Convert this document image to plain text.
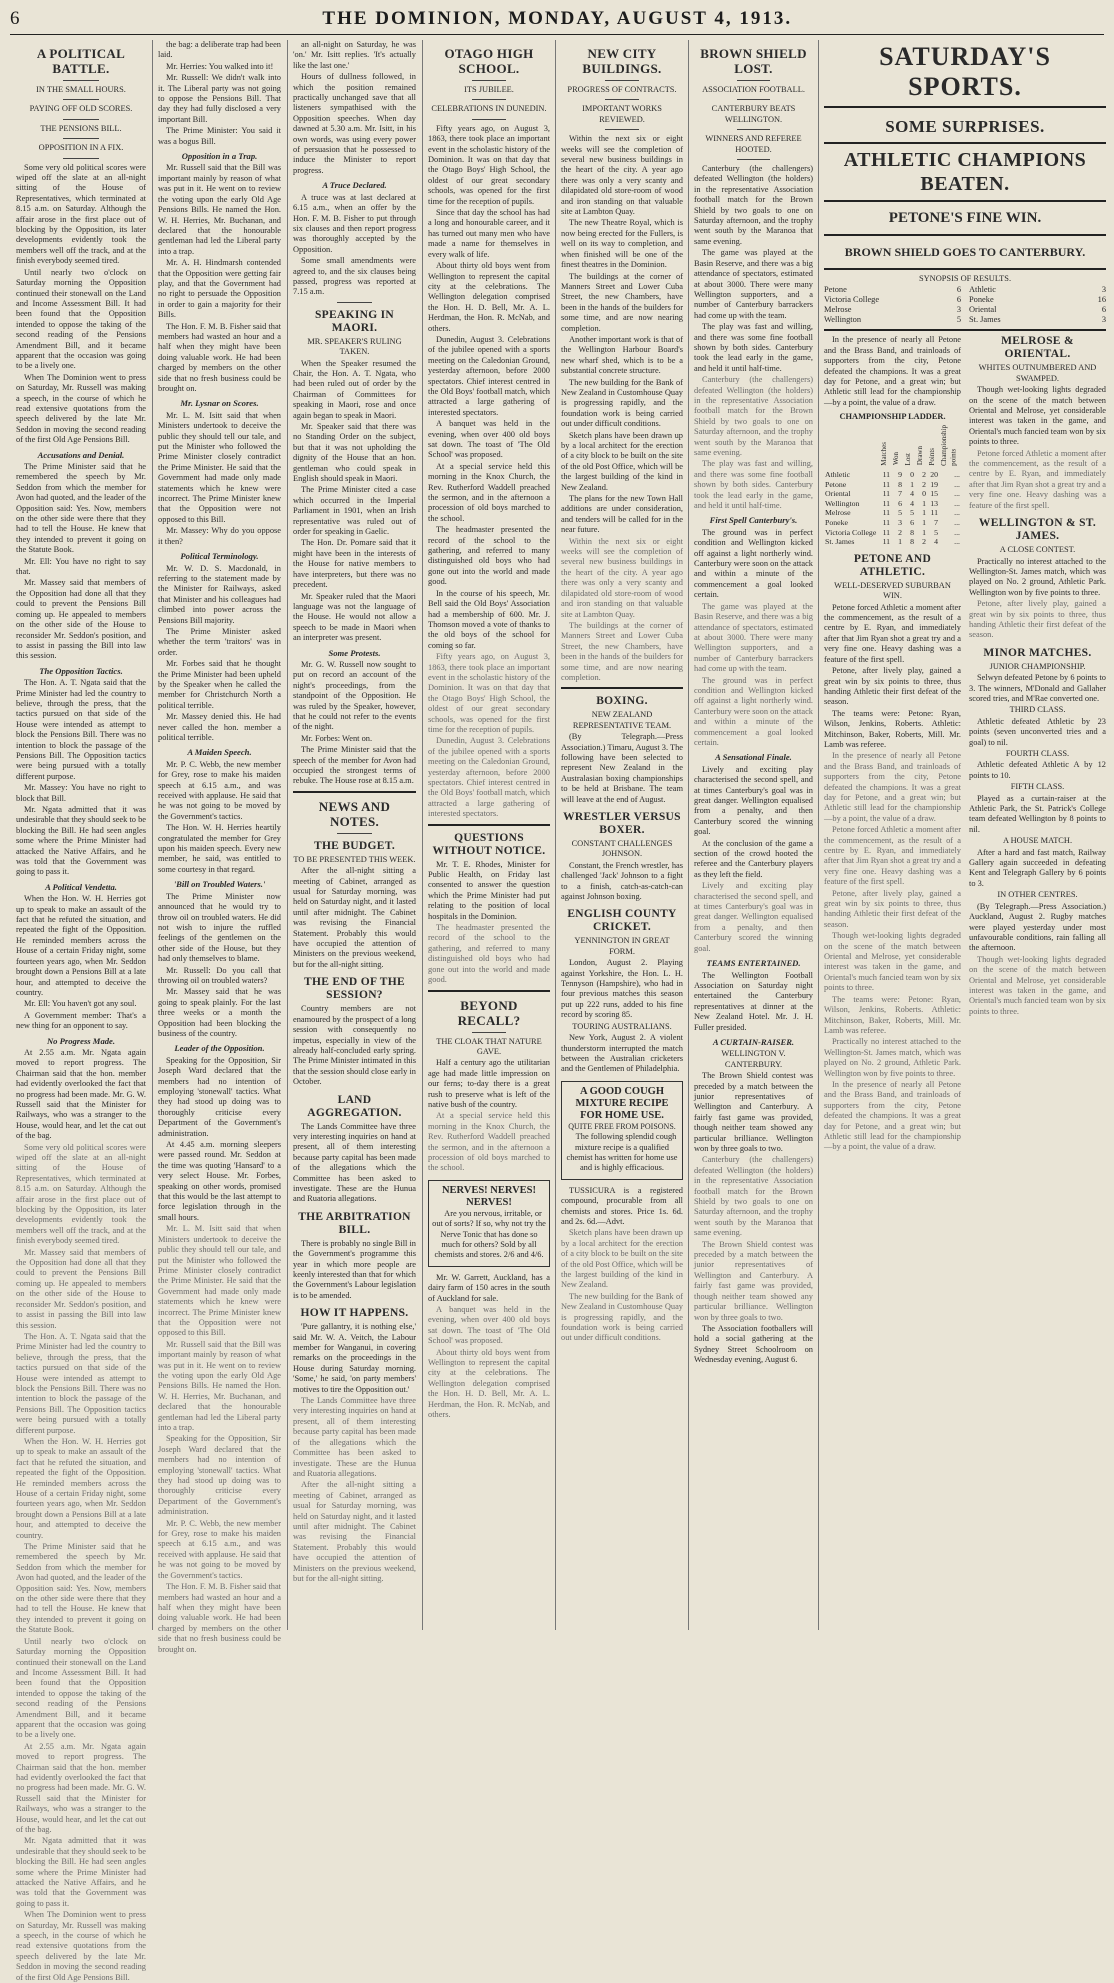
6	THE DOMINION, MONDAY, AUGUST 4, 1913.
A POLITICAL BATTLE.
IN THE SMALL HOURS.
PAYING OFF OLD SCORES.
THE PENSIONS BILL.
OPPOSITION IN A FIX.

Some very old political scores were wiped off the slate at an all-night sitting of the House of Representatives, which terminated at 8.15 a.m. on Saturday. Although the affair arose in the first place out of blocking by the Opposition, its later developments evidently took the members well off the track, and at the finish everybody seemed tired.

Until nearly two o'clock on Saturday morning the Opposition continued their stonewall on the Land and Income Assessment Bill. It had been found that the Opposition intended to oppose the taking of the second reading of the Pensions Amendment Bill, and it became apparent that the occasion was going to be a lively one.

When The Dominion went to press on Saturday, Mr. Russell was making a speech, in the course of which he read extensive quotations from the speech delivered by the late Mr. Seddon in moving the second reading of the first Old Age Pensions Bill.

Accusations and Denial.

The Prime Minister said that he remembered the speech by Mr. Seddon from which the member for Avon had quoted, and the leader of the Opposition said: Yes. Now, members on the other side were there that they had to tell the House. He knew that they intended to prevent it going on the Statute Book.

Mr. Ell: You have no right to say that.

Mr. Massey said that members of the Opposition had done all that they could to prevent the Pensions Bill coming up. He appealed to members on the other side of the House to reconsider Mr. Seddon's position, and to assist in passing the Bill into law this session.

The Opposition Tactics.

The Hon. A. T. Ngata said that the Prime Minister had led the country to believe, through the press, that the tactics pursued on that side of the House were intended as attempt to block the Pensions Bill. There was no intention to block the passage of the Pensions Bill. The Opposition tactics were being pursued with a totally different purpose.

Mr. Massey: You have no right to block that Bill.

Mr. Ngata admitted that it was undesirable that they should seek to be blocking the Bill. He had seen angles some where the Prime Minister had attacked the Native Affairs, and he was told that the Government was going to pass it.

A Political Vendetta.

When the Hon. W. H. Herries got up to speak to make an assault of the fact that he refuted the situation, and repeated the fight of the Opposition. He reminded members across the House of a certain Friday night, some fourteen years ago, when Mr. Seddon brought down a Pensions Bill at a late hour, and attempted to deceive the country.

Mr. Ell: You haven't got any soul.

A Government member: That's a new thing for an opponent to say.

No Progress Made.

At 2.55 a.m. Mr. Ngata again moved to report progress. The Chairman said that the hon. member had evidently overlooked the fact that no progress had been made. Mr. G. W. Russell said that the Minister for Railways, who was a stranger to the House, would hear, and let the cat out of the bag.

Some very old political scores were wiped off the slate at an all-night sitting of the House of Representatives, which terminated at 8.15 a.m. on Saturday. Although the affair arose in the first place out of blocking by the Opposition, its later developments evidently took the members well off the track, and at the finish everybody seemed tired.

Mr. Massey said that members of the Opposition had done all that they could to prevent the Pensions Bill coming up. He appealed to members on the other side of the House to reconsider Mr. Seddon's position, and to assist in passing the Bill into law this session.

The Hon. A. T. Ngata said that the Prime Minister had led the country to believe, through the press, that the tactics pursued on that side of the House were intended as attempt to block the Pensions Bill. There was no intention to block the passage of the Pensions Bill. The Opposition tactics were being pursued with a totally different purpose.

When the Hon. W. H. Herries got up to speak to make an assault of the fact that he refuted the situation, and repeated the fight of the Opposition. He reminded members across the House of a certain Friday night, some fourteen years ago, when Mr. Seddon brought down a Pensions Bill at a late hour, and attempted to deceive the country.

The Prime Minister said that he remembered the speech by Mr. Seddon from which the member for Avon had quoted, and the leader of the Opposition said: Yes. Now, members on the other side were there that they had to tell the House. He knew that they intended to prevent it going on the Statute Book.

Until nearly two o'clock on Saturday morning the Opposition continued their stonewall on the Land and Income Assessment Bill. It had been found that the Opposition intended to oppose the taking of the second reading of the Pensions Amendment Bill, and it became apparent that the occasion was going to be a lively one.

At 2.55 a.m. Mr. Ngata again moved to report progress. The Chairman said that the hon. member had evidently overlooked the fact that no progress had been made. Mr. G. W. Russell said that the Minister for Railways, who was a stranger to the House, would hear, and let the cat out of the bag.

Mr. Ngata admitted that it was undesirable that they should seek to be blocking the Bill. He had seen angles some where the Prime Minister had attacked the Native Affairs, and he was told that the Government was going to pass it.

When The Dominion went to press on Saturday, Mr. Russell was making a speech, in the course of which he read extensive quotations from the speech delivered by the late Mr. Seddon in moving the second reading of the first Old Age Pensions Bill.

the bag: a deliberate trap had been laid.

Mr. Herries: You walked into it!

Mr. Russell: We didn't walk into it. The Liberal party was not going to oppose the Pensions Bill. That day they had fully disclosed a very important Bill.

The Prime Minister: You said it was a bogus Bill.

Opposition in a Trap.

Mr. Russell said that the Bill was important mainly by reason of what was put in it. He went on to review the voting upon the early Old Age Pensions Bills. He named the Hon. W. H. Herries, Mr. Buchanan, and declared that the honourable gentleman had led the Liberal party into a trap.

Mr. A. H. Hindmarsh contended that the Opposition were getting fair play, and that the Government had no right to persuade the Opposition in order to gain a majority for their Bills.

The Hon. F. M. B. Fisher said that members had wasted an hour and a half when they might have been doing valuable work. He had been charged by members on the other side that no fresh business could be brought on.

Mr. Lysnar on Scores.

Mr. L. M. Isitt said that when Ministers undertook to deceive the public they should tell our tale, and put the Minister who followed the Prime Minister closely contradict the Prime Minister. He said that the Government had made only made statements which he knew were incorrect. The Prime Minister knew that the Opposition were not opposed to this Bill.

Mr. Massey: Why do you oppose it then?

Political Terminology.

Mr. W. D. S. Macdonald, in referring to the statement made by the Minister for Railways, asked that Minister and his colleagues had climbed into power across the Pensions Bill majority.

The Prime Minister asked whether the term 'traitors' was in order.

Mr. Forbes said that he thought the Prime Minister had been upheld by the Speaker when he called the member for Christchurch North a political terrible.

Mr. Massey denied this. He had never called the hon. member a political terrible.

A Maiden Speech.

Mr. P. C. Webb, the new member for Grey, rose to make his maiden speech at 6.15 a.m., and was received with applause. He said that he was not going to be moved by the Government's tactics.

The Hon. W. H. Herries heartily congratulated the member for Grey upon his maiden speech. Every new member, he said, was entitled to some courtesy in that regard.

'Bill on Troubled Waters.'

The Prime Minister now announced that he would try to throw oil on troubled waters. He did not wish to injure the ruffled feelings of the gentlemen on the other side of the House, but they had only themselves to blame.

Mr. Russell: Do you call that throwing oil on troubled waters?

Mr. Massey said that he was going to speak plainly. For the last three weeks or a month the Opposition had been blocking the business of the country.

Leader of the Opposition.

Speaking for the Opposition, Sir Joseph Ward declared that the members had no intention of employing 'stonewall' tactics. What they had stood up doing was to thoroughly criticise every Department of the Government's administration.

At 4.45 a.m. morning sleepers were passed round. Mr. Seddon at the time was quoting 'Hansard' to a very select House. Mr. Forbes, speaking on other words, promised that this would be the last attempt to force legislation through in the small hours.

Mr. L. M. Isitt said that when Ministers undertook to deceive the public they should tell our tale, and put the Minister who followed the Prime Minister closely contradict the Prime Minister. He said that the Government had made only made statements which he knew were incorrect. The Prime Minister knew that the Opposition were not opposed to this Bill.

Mr. Russell said that the Bill was important mainly by reason of what was put in it. He went on to review the voting upon the early Old Age Pensions Bills. He named the Hon. W. H. Herries, Mr. Buchanan, and declared that the honourable gentleman had led the Liberal party into a trap.

Speaking for the Opposition, Sir Joseph Ward declared that the members had no intention of employing 'stonewall' tactics. What they had stood up doing was to thoroughly criticise every Department of the Government's administration.

Mr. P. C. Webb, the new member for Grey, rose to make his maiden speech at 6.15 a.m., and was received with applause. He said that he was not going to be moved by the Government's tactics.

The Hon. F. M. B. Fisher said that members had wasted an hour and a half when they might have been doing valuable work. He had been charged by members on the other side that no fresh business could be brought on.

an all-night on Saturday, he was 'on.' Mr. Isitt replies. 'It's actually like the last one.'

Hours of dullness followed, in which the position remained practically unchanged save that all listeners sympathised with the Opposition speeches. When day dawned at 5.30 a.m. Mr. Isitt, in his own words, was using every power of persuasion that he possessed to induce the Minister to report progress.

A Truce Declared.

A truce was at last declared at 6.15 a.m., when an offer by the Hon. F. M. B. Fisher to put through six clauses and then report progress was thoroughly accepted by the Opposition.

Some small amendments were agreed to, and the six clauses being passed, progress was reported at 7.15 a.m.

SPEAKING IN MAORI.
MR. SPEAKER'S RULING TAKEN.

When the Speaker resumed the Chair, the Hon. A. T. Ngata, who had been ruled out of order by the Chairman of Committees for speaking in Maori, rose and once again began to speak in Maori.

Mr. Speaker said that there was no Standing Order on the subject, but that it was not upholding the dignity of the House that an hon. gentleman who could speak in English should speak in Maori.

The Prime Minister cited a case which occurred in the Imperial Parliament in 1901, when an Irish representative was ruled out of order for speaking in Gaelic.

The Hon. Dr. Pomare said that it might have been in the interests of the House for native members to have interpreters, but there was no precedent.

Mr. Speaker ruled that the Maori language was not the language of the House. He would not allow a speech to be made in Maori when an interpreter was present.

Some Protests.

Mr. G. W. Russell now sought to put on record an account of the night's proceedings, from the standpoint of the Opposition. He was ruled by the Speaker, however, that he could not refer to the events of the night.

Mr. Forbes: Went on.

The Prime Minister said that the speech of the member for Avon had occupied the strongest terms of rebuke. The House rose at 8.15 a.m.

NEWS AND NOTES.
THE BUDGET.
TO BE PRESENTED THIS WEEK.

After the all-night sitting a meeting of Cabinet, arranged as usual for Saturday morning, was held on Saturday night, and it lasted until after midnight. The Cabinet was revising the Financial Statement. Probably this would have occupied the attention of Ministers on the previous weekend, but for the all-night sitting.

THE END OF THE SESSION?

Country members are not enamoured by the prospect of a long session with consequently no impetus, especially in view of the already half-concluded early spring. The Prime Minister intimated in this that the session should close early in October.

LAND AGGREGATION.

The Lands Committee have three very interesting inquiries on hand at present, all of them interesting because party capital has been made of the allegations which the Committee has been asked to investigate. These are the Hunua and Ruatoria allegations.

THE ARBITRATION BILL.

There is probably no single Bill in the Government's programme this year in which more people are keenly interested than that for which the Government's Labour legislation is to be amended.

HOW IT HAPPENS.

'Pure gallantry, it is nothing else,' said Mr. W. A. Veitch, the Labour member for Wanganui, in covering remarks on the proceedings in the House during Saturday morning. 'Some,' he said, 'on party members' motives to tire the Opposition out.'

The Lands Committee have three very interesting inquiries on hand at present, all of them interesting because party capital has been made of the allegations which the Committee has been asked to investigate. These are the Hunua and Ruatoria allegations.

After the all-night sitting a meeting of Cabinet, arranged as usual for Saturday morning, was held on Saturday night, and it lasted until after midnight. The Cabinet was revising the Financial Statement. Probably this would have occupied the attention of Ministers on the previous weekend, but for the all-night sitting.

OTAGO HIGH SCHOOL.
ITS JUBILEE.
CELEBRATIONS IN DUNEDIN.

Fifty years ago, on August 3, 1863, there took place an important event in the scholastic history of the Dominion. It was on that day that the Otago Boys' High School, the oldest of our great secondary schools, was opened for the first time for the reception of pupils.

Since that day the school has had a long and honourable career, and it has turned out many men who have made a name for themselves in every walk of life.

About thirty old boys went from Wellington to represent the capital city at the celebrations. The Wellington delegation comprised the Hon. H. D. Bell, Mr. A. L. Herdman, the Hon. R. McNab, and others.

Dunedin, August 3. Celebrations of the jubilee opened with a sports meeting on the Caledonian Ground, yesterday afternoon, before 2000 spectators. Chief interest centred in the Old Boys' football match, which attracted a large gathering of interested spectators.

A banquet was held in the evening, when over 400 old boys sat down. The toast of 'The Old School' was proposed.

At a special service held this morning in the Knox Church, the Rev. Rutherford Waddell preached the sermon, and in the afternoon a procession of old boys marched to the school.

The headmaster presented the record of the school to the gathering, and referred to many distinguished old boys who had gone out into the world and made good.

In the course of his speech, Mr. Bell said the Old Boys' Association had a membership of 600. Mr. J. Thomson moved a vote of thanks to the old boys of the school for coming so far.

Fifty years ago, on August 3, 1863, there took place an important event in the scholastic history of the Dominion. It was on that day that the Otago Boys' High School, the oldest of our great secondary schools, was opened for the first time for the reception of pupils.

Dunedin, August 3. Celebrations of the jubilee opened with a sports meeting on the Caledonian Ground, yesterday afternoon, before 2000 spectators. Chief interest centred in the Old Boys' football match, which attracted a large gathering of interested spectators.

QUESTIONS WITHOUT NOTICE.

Mr. T. E. Rhodes, Minister for Public Health, on Friday last consented to answer the question which the Prime Minister had put relating to the position of local hospitals in the Dominion.

The headmaster presented the record of the school to the gathering, and referred to many distinguished old boys who had gone out into the world and made good.

BEYOND RECALL?
THE CLOAK THAT NATURE GAVE.

Half a century ago the utilitarian age had made little impression on our ferns; to-day there is a great rush to preserve what is left of the native bush of the country.

At a special service held this morning in the Knox Church, the Rev. Rutherford Waddell preached the sermon, and in the afternoon a procession of old boys marched to the school.

NERVES! NERVES! NERVES!

Are you nervous, irritable, or out of sorts? If so, why not try the Nerve Tonic that has done so much for others? Sold by all chemists and stores. 2/6 and 4/6.

Mr. W. Garrett, Auckland, has a dairy farm of 150 acres in the south of Auckland for sale.

A banquet was held in the evening, when over 400 old boys sat down. The toast of 'The Old School' was proposed.

About thirty old boys went from Wellington to represent the capital city at the celebrations. The Wellington delegation comprised the Hon. H. D. Bell, Mr. A. L. Herdman, the Hon. R. McNab, and others.

NEW CITY BUILDINGS.
PROGRESS OF CONTRACTS.
IMPORTANT WORKS REVIEWED.

Within the next six or eight weeks will see the completion of several new business buildings in the heart of the city. A year ago there was only a very scanty and dilapidated old store-room of wood and iron standing on that valuable site at Lambton Quay.

The new Theatre Royal, which is now being erected for the Fullers, is well on its way to completion, and when finished will be one of the finest theatres in the Dominion.

The buildings at the corner of Manners Street and Lower Cuba Street, the new Chambers, have been in the hands of the builders for some time, and are now nearing completion.

Another important work is that of the Wellington Harbour Board's new wharf shed, which is to be a substantial concrete structure.

The new building for the Bank of New Zealand in Customhouse Quay is progressing rapidly, and the foundation work is being carried out under difficult conditions.

Sketch plans have been drawn up by a local architect for the erection of a city block to be built on the site of the old Post Office, which will be the largest building of the kind in New Zealand.

The plans for the new Town Hall additions are under consideration, and tenders will be called for in the near future.

Within the next six or eight weeks will see the completion of several new business buildings in the heart of the city. A year ago there was only a very scanty and dilapidated old store-room of wood and iron standing on that valuable site at Lambton Quay.

The buildings at the corner of Manners Street and Lower Cuba Street, the new Chambers, have been in the hands of the builders for some time, and are now nearing completion.

BOXING.
NEW ZEALAND REPRESENTATIVE TEAM.

(By Telegraph.—Press Association.) Timaru, August 3. The following have been selected to represent New Zealand in the Australasian boxing championships to be held at Brisbane. The team will leave at the end of August.

WRESTLER VERSUS BOXER.
CONSTANT CHALLENGES JOHNSON.

Constant, the French wrestler, has challenged 'Jack' Johnson to a fight to a finish, catch-as-catch-can against Johnson boxing.

ENGLISH COUNTY CRICKET.
YENNINGTON IN GREAT FORM.

London, August 2. Playing against Yorkshire, the Hon. L. H. Tennyson (Hampshire), who had in four previous matches this season put up 222 runs, added to his fine record by scoring 85.

TOURING AUSTRALIANS.

New York, August 2. A violent thunderstorm interrupted the match between the Australian cricketers and the Gentlemen of Philadelphia.

A GOOD COUGH MIXTURE RECIPE FOR HOME USE.
QUITE FREE FROM POISONS.

The following splendid cough mixture recipe is a qualified chemist has written for home use and is highly efficacious.

TUSSICURA is a registered compound, procurable from all chemists and stores. Price 1s. 6d. and 2s. 6d.—Advt.

Sketch plans have been drawn up by a local architect for the erection of a city block to be built on the site of the old Post Office, which will be the largest building of the kind in New Zealand.

The new building for the Bank of New Zealand in Customhouse Quay is progressing rapidly, and the foundation work is being carried out under difficult conditions.

BROWN SHIELD LOST.
ASSOCIATION FOOTBALL.
CANTERBURY BEATS WELLINGTON.
WINNERS AND REFEREE HOOTED.

Canterbury (the challengers) defeated Wellington (the holders) in the representative Association football match for the Brown Shield by two goals to one on Saturday afternoon, and the trophy went south by the Maranoa that same evening.

The game was played at the Basin Reserve, and there was a big attendance of spectators, estimated at about 3000. There were many Wellington supporters, and a number of Canterbury barrackers had come up with the team.

The play was fast and willing, and there was some fine football shown by both sides. Canterbury took the lead early in the game, and held it until half-time.

Canterbury (the challengers) defeated Wellington (the holders) in the representative Association football match for the Brown Shield by two goals to one on Saturday afternoon, and the trophy went south by the Maranoa that same evening.

The play was fast and willing, and there was some fine football shown by both sides. Canterbury took the lead early in the game, and held it until half-time.

First Spell Canterbury's.

The ground was in perfect condition and Wellington kicked off against a light northerly wind. Canterbury were soon on the attack and within a minute of the commencement a goal looked certain.

The game was played at the Basin Reserve, and there was a big attendance of spectators, estimated at about 3000. There were many Wellington supporters, and a number of Canterbury barrackers had come up with the team.

The ground was in perfect condition and Wellington kicked off against a light northerly wind. Canterbury were soon on the attack and within a minute of the commencement a goal looked certain.

A Sensational Finale.

Lively and exciting play characterised the second spell, and at times Canterbury's goal was in great danger. Wellington equalised from a penalty, and then Canterbury scored the winning goal.

At the conclusion of the game a section of the crowd hooted the referee and the Canterbury players as they left the field.

Lively and exciting play characterised the second spell, and at times Canterbury's goal was in great danger. Wellington equalised from a penalty, and then Canterbury scored the winning goal.

TEAMS ENTERTAINED.

The Wellington Football Association on Saturday night entertained the Canterbury representatives at dinner at the New Zealand Hotel. Mr. J. H. Fuller presided.

A CURTAIN-RAISER.
WELLINGTON V. CANTERBURY.

The Brown Shield contest was preceded by a match between the junior representatives of Wellington and Canterbury. A fairly fast game was provided, though neither team showed any particular brilliance. Wellington won by three goals to two.

Canterbury (the challengers) defeated Wellington (the holders) in the representative Association football match for the Brown Shield by two goals to one on Saturday afternoon, and the trophy went south by the Maranoa that same evening.

The Brown Shield contest was preceded by a match between the junior representatives of Wellington and Canterbury. A fairly fast game was provided, though neither team showed any particular brilliance. Wellington won by three goals to two.

The Association footballers will hold a social gathering at the Sydney Street Schoolroom on Wednesday evening, August 6.

SATURDAY'S SPORTS.
SOME SURPRISES.
ATHLETIC CHAMPIONS BEATEN.
PETONE'S FINE WIN.
BROWN SHIELD GOES TO CANTERBURY.
SYNOPSIS OF RESULTS.
Petone	6
Victoria College	6
Melrose	3
Wellington	5
Athletic	3
Poneke	16
Oriental	6
St. James	3

In the presence of nearly all Petone and the Brass Band, and trainloads of supporters from the city, Petone defeated the champions. It was a great day for Petone, and a great win; but Athletic still lead for the championship—by a point, the value of a draw.

CHAMPIONSHIP LADDER.
	Matches	Won	Lost	Drawn	Points	Championship points
Athletic	11	9	0	2	20	...
Petone	11	8	1	2	19	...
Oriental	11	7	4	0	15	...
Wellington	11	6	4	1	13	...
Melrose	11	5	5	1	11	...
Poneke	11	3	6	1	7	...
Victoria College	11	2	8	1	5	...
St. James	11	1	8	2	4	...
PETONE AND ATHLETIC.
WELL-DESERVED SUBURBAN WIN.

Petone forced Athletic a moment after the commencement, as the result of a centre by E. Ryan, and immediately after that Jim Ryan shot a great try and a very fine one. Heavy dashing was a feature of the first spell.

Petone, after lively play, gained a great win by six points to three, thus handing Athletic their first defeat of the season.

The teams were: Petone: Ryan, Wilson, Jenkins, Roberts. Athletic: Mitchinson, Baker, Roberts, Mill. Mr. Lamb was referee.

In the presence of nearly all Petone and the Brass Band, and trainloads of supporters from the city, Petone defeated the champions. It was a great day for Petone, and a great win; but Athletic still lead for the championship—by a point, the value of a draw.

Petone forced Athletic a moment after the commencement, as the result of a centre by E. Ryan, and immediately after that Jim Ryan shot a great try and a very fine one. Heavy dashing was a feature of the first spell.

Petone, after lively play, gained a great win by six points to three, thus handing Athletic their first defeat of the season.

Though wet-looking lights degraded on the scene of the match between Oriental and Melrose, yet considerable interest was taken in the game, and Oriental's much fancied team won by six points to three.

The teams were: Petone: Ryan, Wilson, Jenkins, Roberts. Athletic: Mitchinson, Baker, Roberts, Mill. Mr. Lamb was referee.

Practically no interest attached to the Wellington-St. James match, which was played on No. 2 ground, Athletic Park. Wellington won by five points to three.

In the presence of nearly all Petone and the Brass Band, and trainloads of supporters from the city, Petone defeated the champions. It was a great day for Petone, and a great win; but Athletic still lead for the championship—by a point, the value of a draw.

MELROSE & ORIENTAL.
WHITES OUTNUMBERED AND SWAMPED.

Though wet-looking lights degraded on the scene of the match between Oriental and Melrose, yet considerable interest was taken in the game, and Oriental's much fancied team won by six points to three.

Petone forced Athletic a moment after the commencement, as the result of a centre by E. Ryan, and immediately after that Jim Ryan shot a great try and a very fine one. Heavy dashing was a feature of the first spell.

WELLINGTON & ST. JAMES.
A CLOSE CONTEST.

Practically no interest attached to the Wellington-St. James match, which was played on No. 2 ground, Athletic Park. Wellington won by five points to three.

Petone, after lively play, gained a great win by six points to three, thus handing Athletic their first defeat of the season.

MINOR MATCHES.
JUNIOR CHAMPIONSHIP.

Selwyn defeated Petone by 6 points to 3. The winners, M'Donald and Gallaher scored tries, and M'Rae converted one.

THIRD CLASS.

Athletic defeated Athletic by 23 points (seven unconverted tries and a goal) to nil.

FOURTH CLASS.

Athletic defeated Athletic A by 12 points to 10.

FIFTH CLASS.

Played as a curtain-raiser at the Athletic Park, the St. Patrick's College team defeated Wellington by 8 points to nil.

A HOUSE MATCH.

After a hard and fast match, Railway Gallery again succeeded in defeating Kent and Telegraph Gallery by 6 points to 3.

IN OTHER CENTRES.

(By Telegraph.—Press Association.) Auckland, August 2. Rugby matches were played yesterday under most unfavourable conditions, rain falling all the afternoon.

Though wet-looking lights degraded on the scene of the match between Oriental and Melrose, yet considerable interest was taken in the game, and Oriental's much fancied team won by six points to three.
